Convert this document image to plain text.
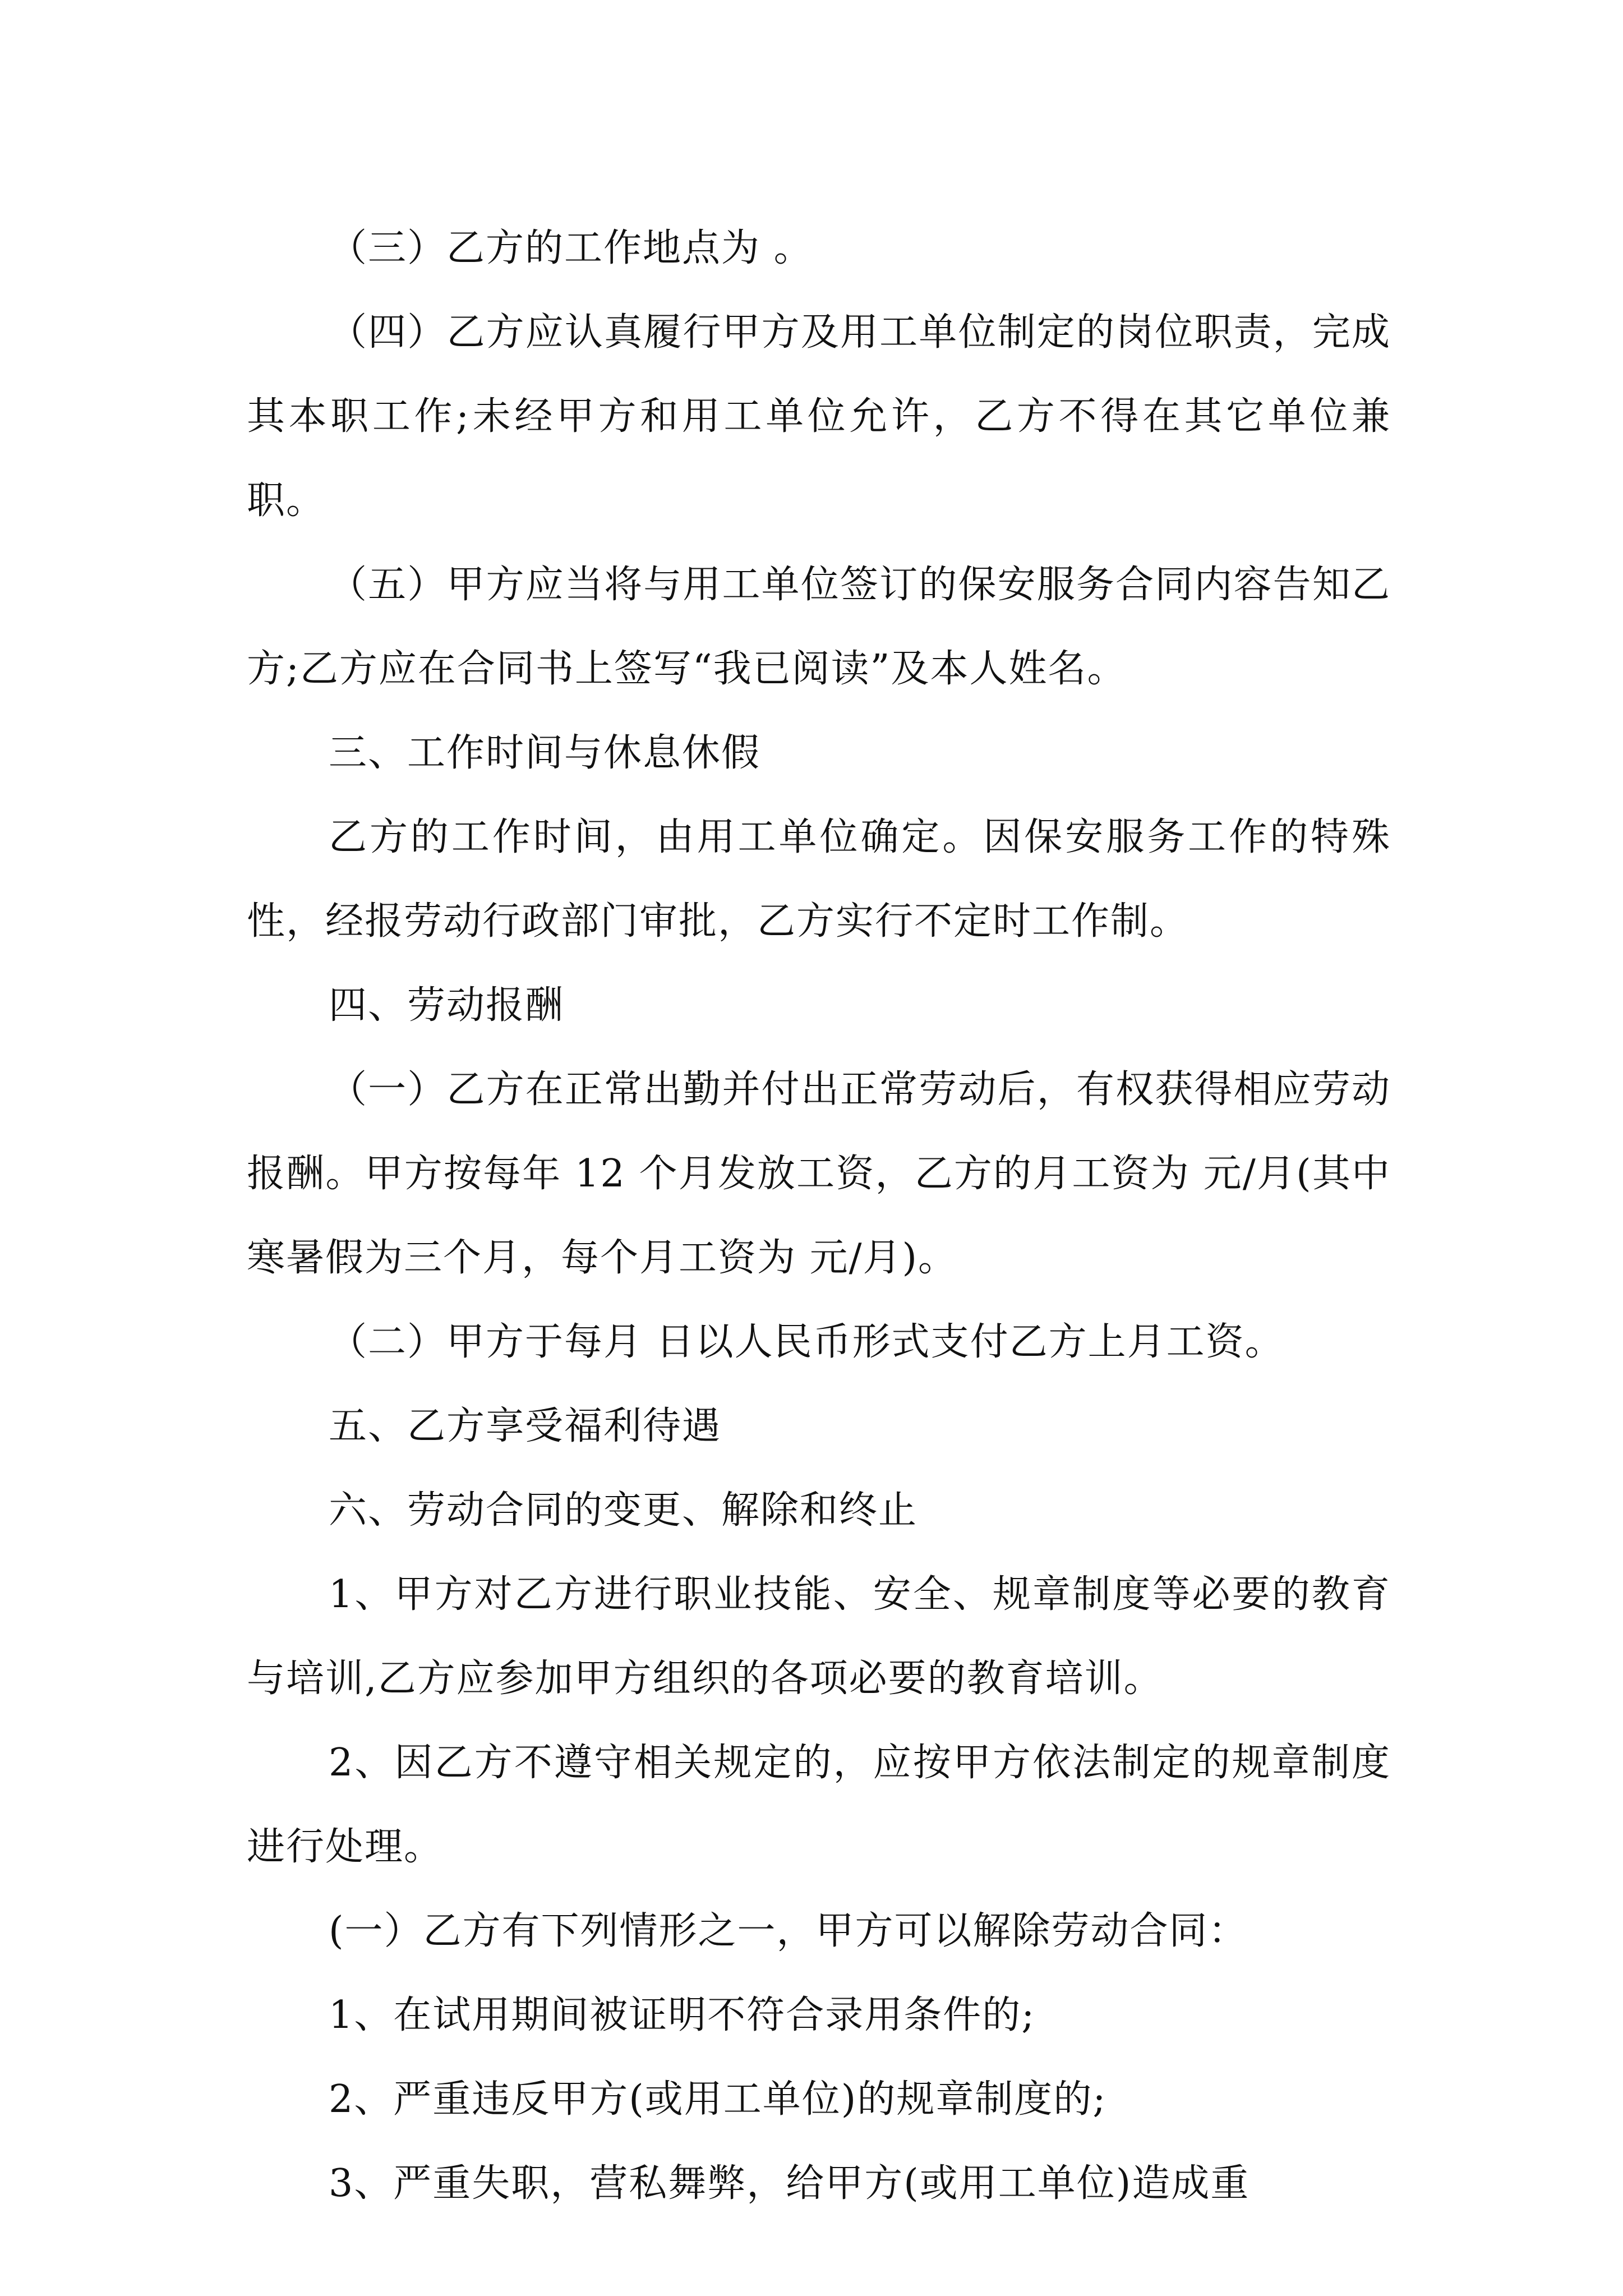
（三）乙方的工作地点为 。

（四）乙方应认真履行甲方及用工单位制定的岗位职责，完成其本职工作;未经甲方和用工单位允许，乙方不得在其它单位兼职。

（五）甲方应当将与用工单位签订的保安服务合同内容告知乙方;乙方应在合同书上签写“我已阅读”及本人姓名。

三、工作时间与休息休假

乙方的工作时间，由用工单位确定。因保安服务工作的特殊性，经报劳动行政部门审批，乙方实行不定时工作制。

四、劳动报酬

（一）乙方在正常出勤并付出正常劳动后，有权获得相应劳动报酬。甲方按每年 12 个月发放工资，乙方的月工资为 元/月(其中寒暑假为三个月，每个月工资为 元/月)。

（二）甲方于每月 日以人民币形式支付乙方上月工资。

五、乙方享受福利待遇

六、劳动合同的变更、解除和终止

1、甲方对乙方进行职业技能、安全、规章制度等必要的教育与培训,乙方应参加甲方组织的各项必要的教育培训。

2、因乙方不遵守相关规定的，应按甲方依法制定的规章制度进行处理。

(一）乙方有下列情形之一，甲方可以解除劳动合同：

1、在试用期间被证明不符合录用条件的;

2、严重违反甲方(或用工单位)的规章制度的;

3、严重失职，营私舞弊，给甲方(或用工单位)造成重
